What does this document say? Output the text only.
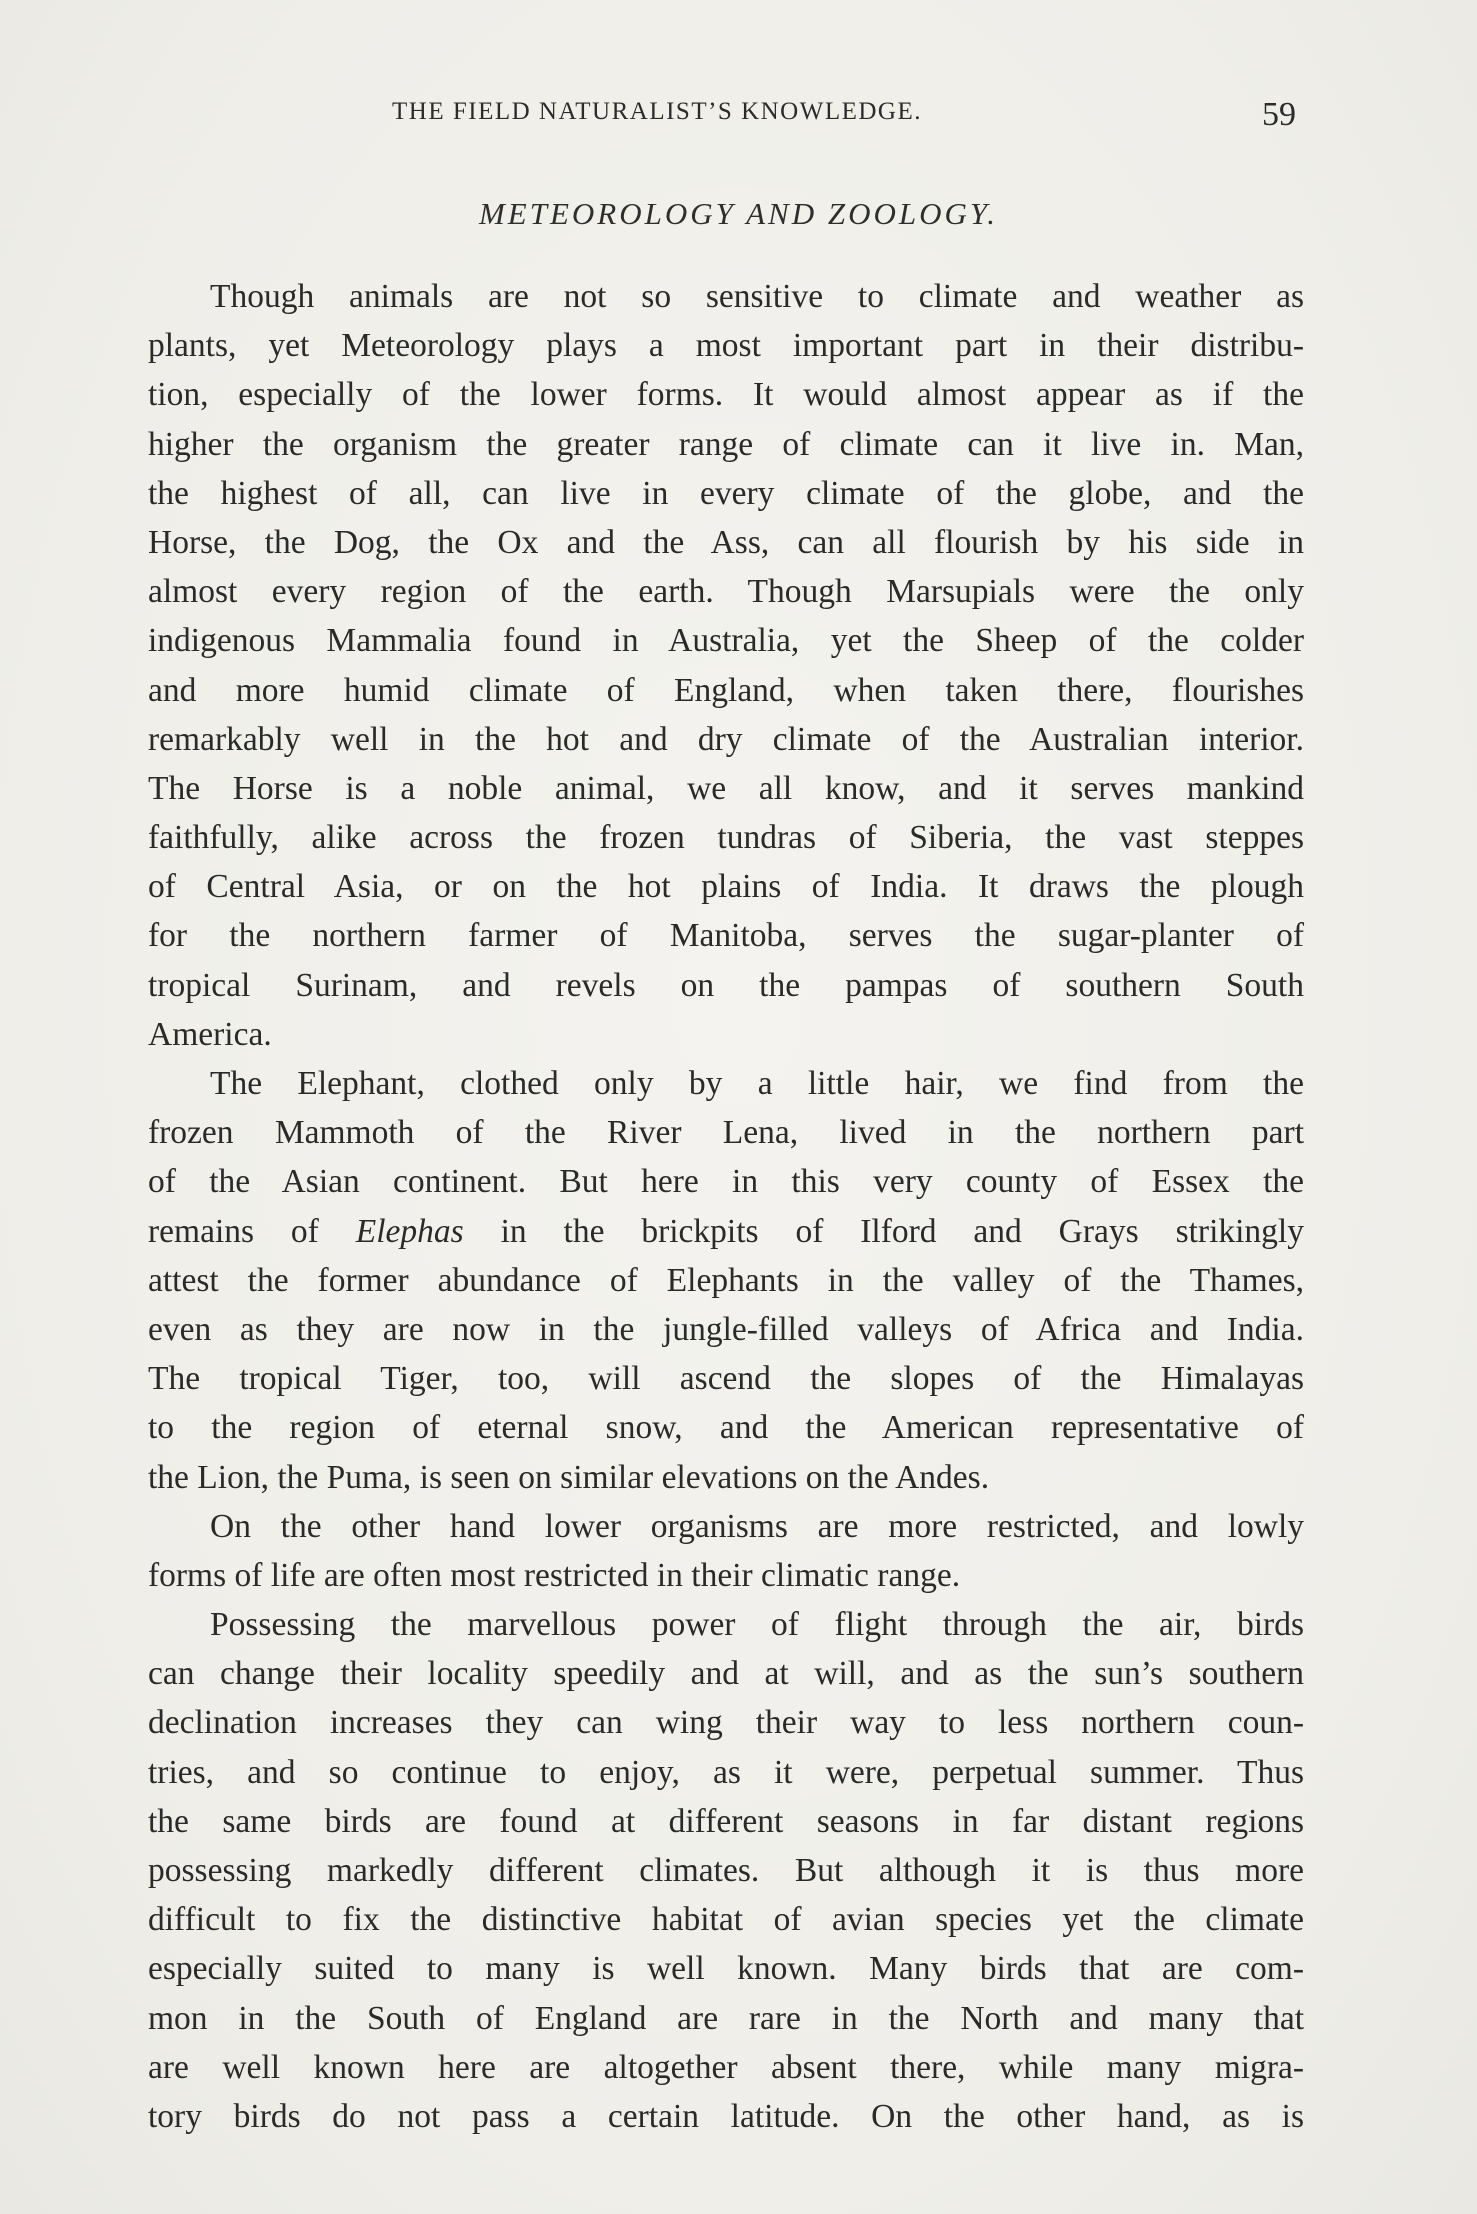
THE FIELD NATURALIST’S KNOWLEDGE.	59
METEOROLOGY AND ZOOLOGY.
Though animals are not so sensitive to climate and weather as
plants, yet Meteorology plays a most important part in their distribu-
tion, especially of the lower forms. It would almost appear as if the
higher the organism the greater range of climate can it live in. Man,
the highest of all, can live in every climate of the globe, and the
Horse, the Dog, the Ox and the Ass, can all flourish by his side in
almost every region of the earth. Though Marsupials were the only
indigenous Mammalia found in Australia, yet the Sheep of the colder
and more humid climate of England, when taken there, flourishes
remarkably well in the hot and dry climate of the Australian interior.
The Horse is a noble animal, we all know, and it serves mankind
faithfully, alike across the frozen tundras of Siberia, the vast steppes
of Central Asia, or on the hot plains of India. It draws the plough
for the northern farmer of Manitoba, serves the sugar-planter of
tropical Surinam, and revels on the pampas of southern South
America.
The Elephant, clothed only by a little hair, we find from the
frozen Mammoth of the River Lena, lived in the northern part
of the Asian continent. But here in this very county of Essex the
remains of Elephas in the brickpits of Ilford and Grays strikingly
attest the former abundance of Elephants in the valley of the Thames,
even as they are now in the jungle-filled valleys of Africa and India.
The tropical Tiger, too, will ascend the slopes of the Himalayas
to the region of eternal snow, and the American representative of
the Lion, the Puma, is seen on similar elevations on the Andes.
On the other hand lower organisms are more restricted, and lowly
forms of life are often most restricted in their climatic range.
Possessing the marvellous power of flight through the air, birds
can change their locality speedily and at will, and as the sun’s southern
declination increases they can wing their way to less northern coun-
tries, and so continue to enjoy, as it were, perpetual summer. Thus
the same birds are found at different seasons in far distant regions
possessing markedly different climates. But although it is thus more
difficult to fix the distinctive habitat of avian species yet the climate
especially suited to many is well known. Many birds that are com-
mon in the South of England are rare in the North and many that
are well known here are altogether absent there, while many migra-
tory birds do not pass a certain latitude. On the other hand, as is
